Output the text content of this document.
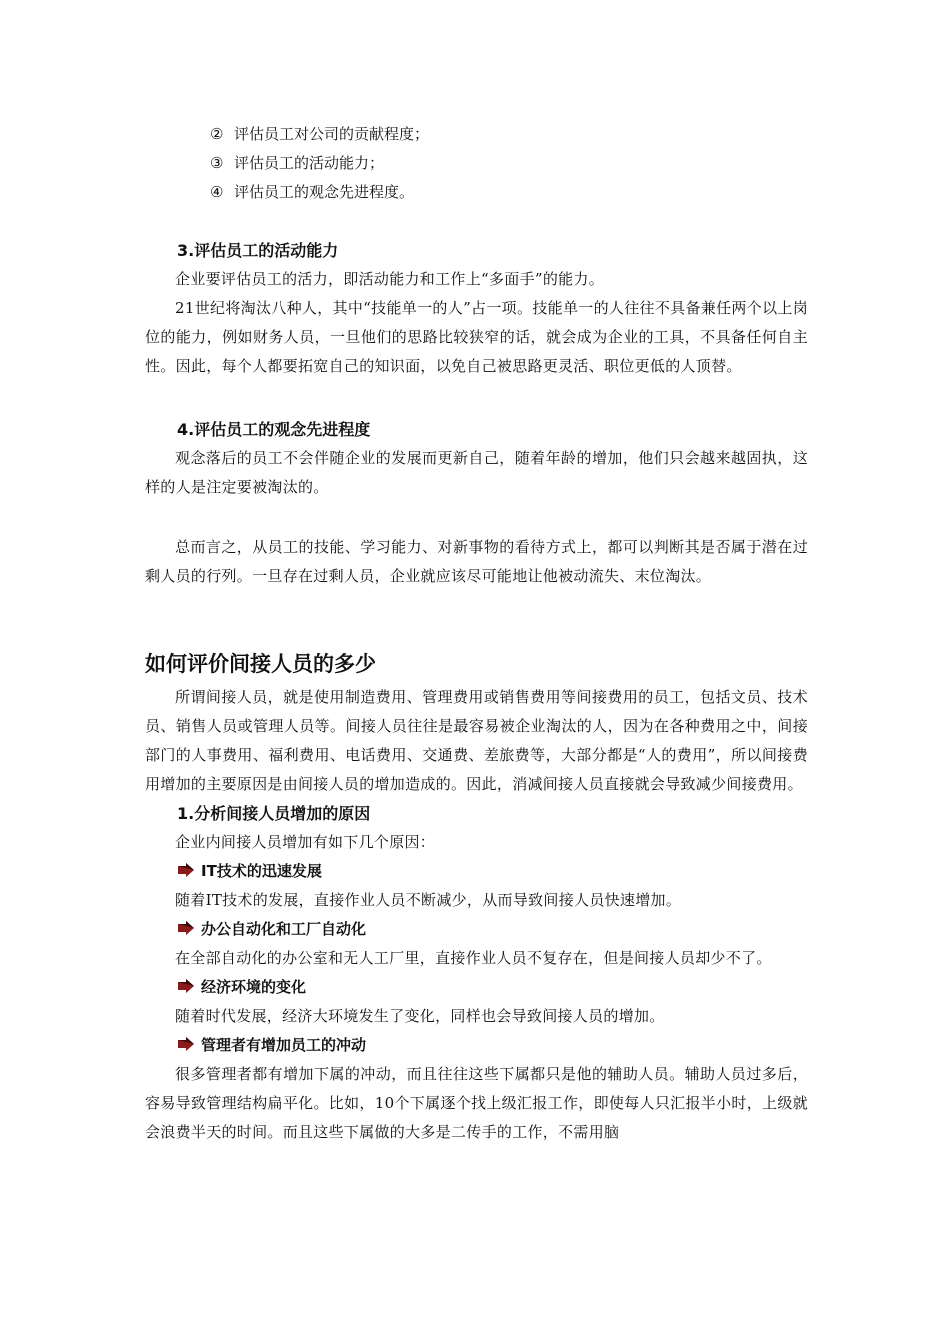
② 评估员工对公司的贡献程度；
③ 评估员工的活动能力；
④ 评估员工的观念先进程度。
3.评估员工的活动能力

企业要评估员工的活力，即活动能力和工作上“多面手”的能力。

21世纪将淘汰八种人，其中“技能单一的人”占一项。技能单一的人往往不具备兼任两个以上岗位的能力，例如财务人员，一旦他们的思路比较狭窄的话，就会成为企业的工具，不具备任何自主性。因此，每个人都要拓宽自己的知识面，以免自己被思路更灵活、职位更低的人顶替。

4.评估员工的观念先进程度

观念落后的员工不会伴随企业的发展而更新自己，随着年龄的增加，他们只会越来越固执，这样的人是注定要被淘汰的。

总而言之，从员工的技能、学习能力、对新事物的看待方式上，都可以判断其是否属于潜在过剩人员的行列。一旦存在过剩人员，企业就应该尽可能地让他被动流失、末位淘汰。

如何评价间接人员的多少

所谓间接人员，就是使用制造费用、管理费用或销售费用等间接费用的员工，包括文员、技术员、销售人员或管理人员等。间接人员往往是最容易被企业淘汰的人，因为在各种费用之中，间接部门的人事费用、福利费用、电话费用、交通费、差旅费等，大部分都是“人的费用”，所以间接费用增加的主要原因是由间接人员的增加造成的。因此，消减间接人员直接就会导致减少间接费用。

1.分析间接人员增加的原因

企业内间接人员增加有如下几个原因：

IT技术的迅速发展

随着IT技术的发展，直接作业人员不断减少，从而导致间接人员快速增加。

办公自动化和工厂自动化

在全部自动化的办公室和无人工厂里，直接作业人员不复存在，但是间接人员却少不了。

经济环境的变化

随着时代发展，经济大环境发生了变化，同样也会导致间接人员的增加。

管理者有增加员工的冲动

很多管理者都有增加下属的冲动，而且往往这些下属都只是他的辅助人员。辅助人员过多后，容易导致管理结构扁平化。比如，10个下属逐个找上级汇报工作，即使每人只汇报半小时，上级就会浪费半天的时间。而且这些下属做的大多是二传手的工作，不需用脑
